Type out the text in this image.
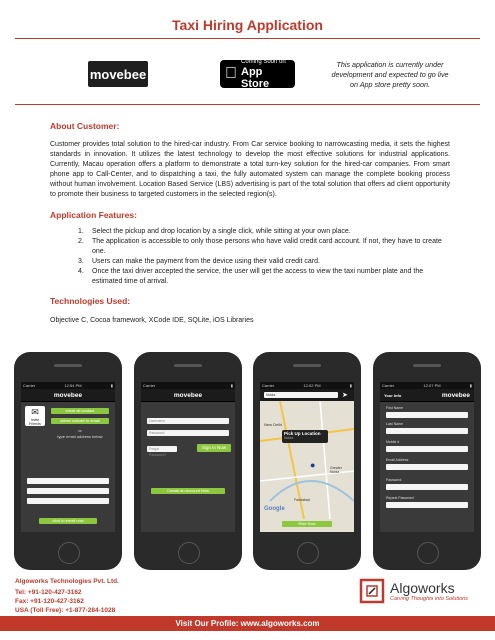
Taxi Hiring Application
movebee	Coming Soon on
App Store
This application is currently under development and expected to go live on App store pretty soon.
About Customer:
Customer provides total solution to the hired-car industry. From Car service booking to narrowcasting media, it sets the highest standards in innovation. It utilizes the latest technology to develop the most effective solutions for industrial applications. Currently, Macau operation offers a platform to demonstrate a total turn-key solution for the hired-car companies. From smart phone app to Call-Center, and to dispatching a taxi, the fully automated system can manage the complete booking process without human involvement. Location Based Service (LBS) advertising is part of the total solution that offers ad client opportunity to promote their business to targeted customers in the selected region(s).
Application Features:
1.	Select the pickup and drop location by a single click, while sitting at your own place.
2.	The application is accessible to only those persons who have valid credit card account. If not, they have to create one.
3.	Users can make the payment from the device using their valid credit card.
4.	Once the taxi driver accepted the service, the user will get the access to view the taxi number plate and the estimated time of arrival.
Technologies Used:
Objective C, Cocoa framework, XCode IDE, SQLite, iOS Libraries
Carrier	12:54 PM	▮
movebee
✉
Invite Friends
email all contact
select contact to email
or
type email address below
click to email now
Carrier	▮
movebee
Username
Password
Forgot Password?
Sign In Now
Create an Account Now
Carrier	12:02 PM	▮
Noida	➤
New Delhi
Pick Up Location
Noida
●	Greater Noida
Faridabad
Google
Ride Now
Carrier	12:07 PM	▮
Your Info	movebee
First Name
Last Name
Mobile #
Email Address
Password
Repeat Password
Algoworks Technologies Pvt. Ltd.
Tel: +91-120-427-3162
Fax: +91-120-427-3162
USA (Toll Free): +1-877-284-1028
Algoworks
Carving Thoughts into Solutions
Visit Our Profile: www.algoworks.com
